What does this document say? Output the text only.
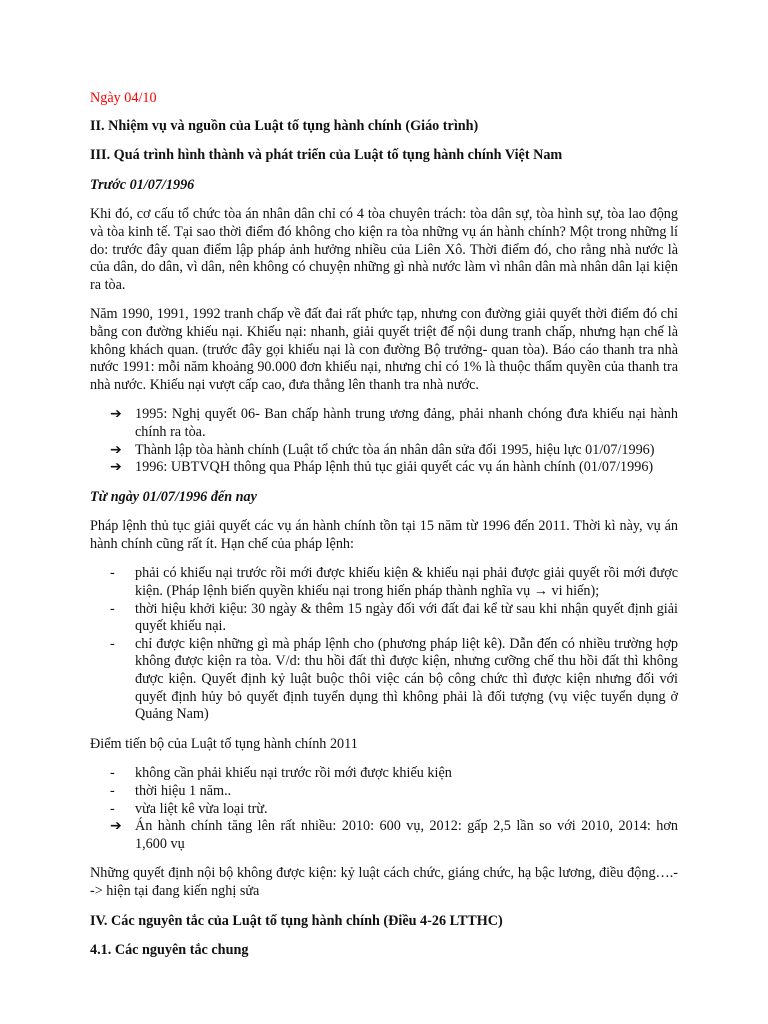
Ngày 04/10

II. Nhiệm vụ và nguồn của Luật tố tụng hành chính (Giáo trình)

III. Quá trình hình thành và phát triển của Luật tố tụng hành chính Việt Nam

Trước 01/07/1996

Khi đó, cơ cấu tổ chức tòa án nhân dân chỉ có 4 tòa chuyên trách: tòa dân sự, tòa hình sự, tòa lao động và tòa kinh tế. Tại sao thời điểm đó không cho kiện ra tòa những vụ án hành chính? Một trong những lí do: trước đây quan điểm lập pháp ảnh hưởng nhiều của Liên Xô. Thời điểm đó, cho rằng nhà nước là của dân, do dân, vì dân, nên không có chuyện những gì nhà nước làm vì nhân dân mà nhân dân lại kiện ra tòa.

Năm 1990, 1991, 1992 tranh chấp về đất đai rất phức tạp, nhưng con đường giải quyết thời điểm đó chỉ bằng con đường khiếu nại. Khiếu nại: nhanh, giải quyết triệt để nội dung tranh chấp, nhưng hạn chế là không khách quan. (trước đây gọi khiếu nại là con đường Bộ trưởng- quan tòa). Báo cáo thanh tra nhà nước 1991: mỗi năm khoảng 90.000 đơn khiếu nại, nhưng chỉ có 1% là thuộc thẩm quyền của thanh tra nhà nước. Khiếu nại vượt cấp cao, đưa thẳng lên thanh tra nhà nước.

➔ 1995: Nghị quyết 06- Ban chấp hành trung ương đảng, phải nhanh chóng đưa khiếu nại hành chính ra tòa.
➔ Thành lập tòa hành chính (Luật tổ chức tòa án nhân dân sửa đổi 1995, hiệu lực 01/07/1996)
➔ 1996: UBTVQH thông qua Pháp lệnh thủ tục giải quyết các vụ án hành chính (01/07/1996)

Từ ngày 01/07/1996 đến nay

Pháp lệnh thủ tục giải quyết các vụ án hành chính tồn tại 15 năm từ 1996 đến 2011. Thời kì này, vụ án hành chính cũng rất ít. Hạn chế của pháp lệnh:

-	phải có khiếu nại trước rồi mới được khiếu kiện & khiếu nại phải được giải quyết rồi mới được kiện. (Pháp lệnh biến quyền khiếu nại trong hiến pháp thành nghĩa vụ → vi hiến);
-	thời hiệu khởi kiệu: 30 ngày & thêm 15 ngày đối với đất đai kể từ sau khi nhận quyết định giải quyết khiếu nại.
-	chỉ được kiện những gì mà pháp lệnh cho (phương pháp liệt kê). Dẫn đến có nhiều trường hợp không được kiện ra tòa. V/d: thu hồi đất thì được kiện, nhưng cưỡng chế thu hồi đất thì không được kiện. Quyết định kỷ luật buộc thôi việc cán bộ công chức thì được kiện nhưng đối với quyết định hủy bỏ quyết định tuyển dụng thì không phải là đối tượng (vụ việc tuyển dụng ở Quảng Nam)

Điểm tiến bộ của Luật tố tụng hành chính 2011

-	không cần phải khiếu nại trước rồi mới được khiếu kiện
-	thời hiệu 1 năm..
-	vừa liệt kê vừa loại trừ.
➔ Án hành chính tăng lên rất nhiều: 2010: 600 vụ, 2012: gấp 2,5 lần so với 2010, 2014: hơn 1,600 vụ

Những quyết định nội bộ không được kiện: kỷ luật cách chức, giáng chức, hạ bậc lương, điều động….--> hiện tại đang kiến nghị sửa

IV. Các nguyên tắc của Luật tố tụng hành chính (Điều 4-26 LTTHC)

4.1. Các nguyên tắc chung
